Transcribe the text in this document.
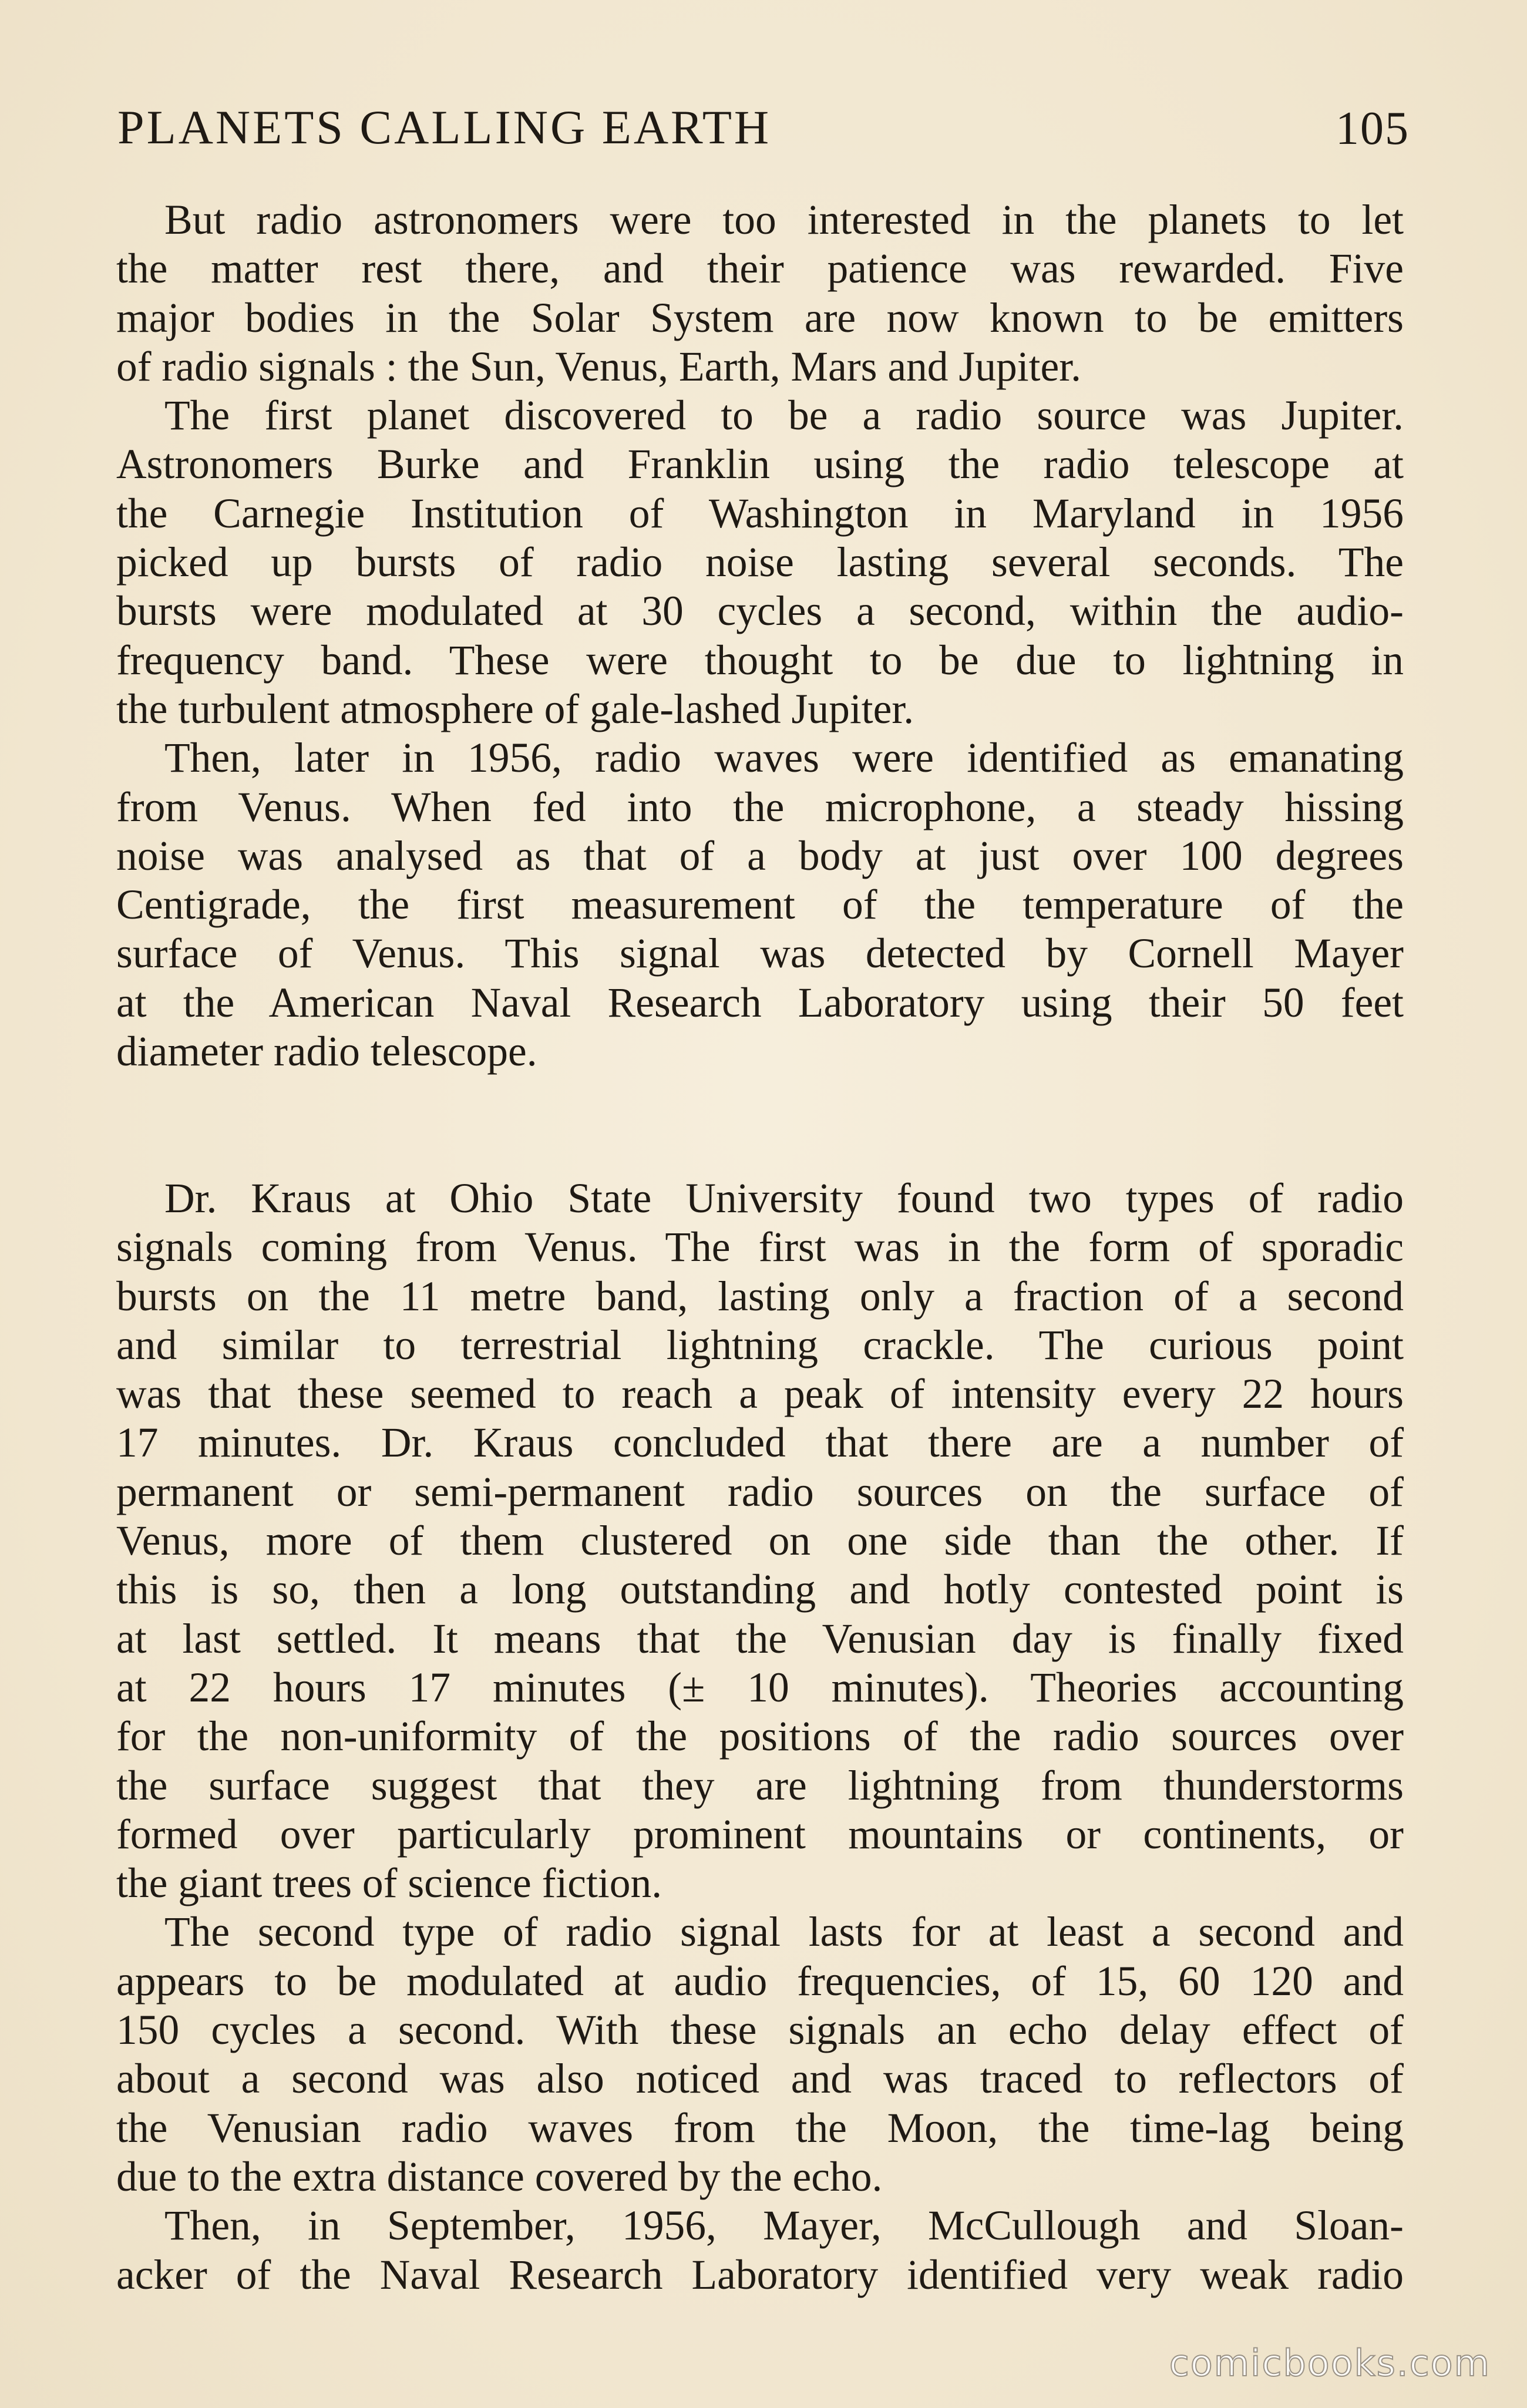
PLANETS CALLING EARTH	105
But radio astronomers were too interested in the planets to let
the matter rest there, and their patience was rewarded. Five
major bodies in the Solar System are now known to be emitters
of radio signals : the Sun, Venus, Earth, Mars and Jupiter.
The first planet discovered to be a radio source was Jupiter.
Astronomers Burke and Franklin using the radio telescope at
the Carnegie Institution of Washington in Maryland in 1956
picked up bursts of radio noise lasting several seconds. The
bursts were modulated at 30 cycles a second, within the audio-
frequency band. These were thought to be due to lightning in
the turbulent atmosphere of gale-lashed Jupiter.
Then, later in 1956, radio waves were identified as emanating
from Venus. When fed into the microphone, a steady hissing
noise was analysed as that of a body at just over 100 degrees
Centigrade, the first measurement of the temperature of the
surface of Venus. This signal was detected by Cornell Mayer
at the American Naval Research Laboratory using their 50 feet
diameter radio telescope.
Dr. Kraus at Ohio State University found two types of radio
signals coming from Venus. The first was in the form of sporadic
bursts on the 11 metre band, lasting only a fraction of a second
and similar to terrestrial lightning crackle. The curious point
was that these seemed to reach a peak of intensity every 22 hours
17 minutes. Dr. Kraus concluded that there are a number of
permanent or semi-permanent radio sources on the surface of
Venus, more of them clustered on one side than the other. If
this is so, then a long outstanding and hotly contested point is
at last settled. It means that the Venusian day is finally fixed
at 22 hours 17 minutes (± 10 minutes). Theories accounting
for the non-uniformity of the positions of the radio sources over
the surface suggest that they are lightning from thunderstorms
formed over particularly prominent mountains or continents, or
the giant trees of science fiction.
The second type of radio signal lasts for at least a second and
appears to be modulated at audio frequencies, of 15, 60 120 and
150 cycles a second. With these signals an echo delay effect of
about a second was also noticed and was traced to reflectors of
the Venusian radio waves from the Moon, the time-lag being
due to the extra distance covered by the echo.
Then, in September, 1956, Mayer, McCullough and Sloan-
acker of the Naval Research Laboratory identified very weak radio
comicbooks.com
